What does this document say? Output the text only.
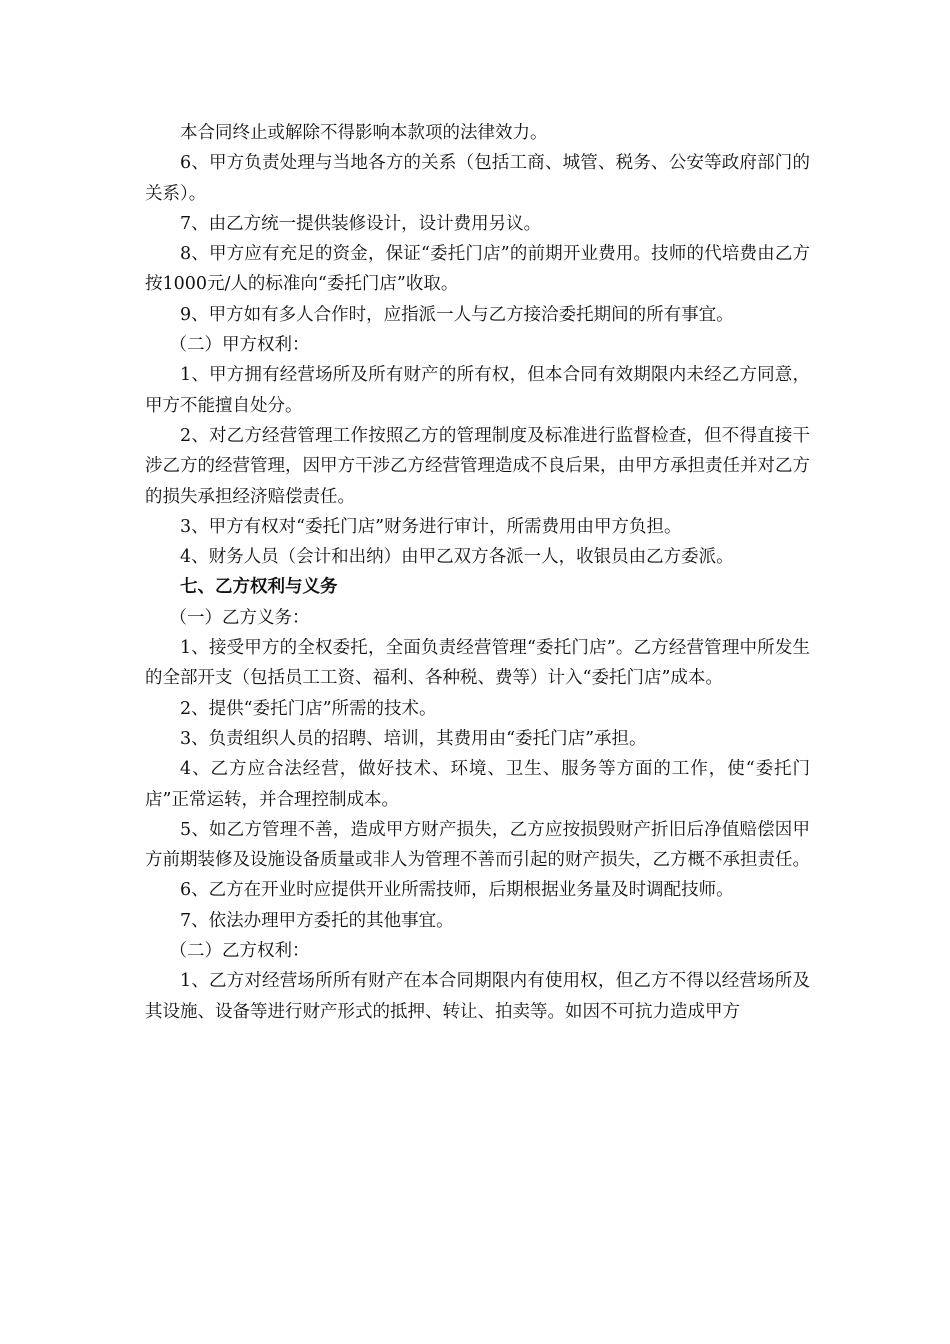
本合同终止或解除不得影响本款项的法律效力。

6、甲方负责处理与当地各方的关系（包括工商、城管、税务、公安等政府部门的关系）。

7、由乙方统一提供装修设计，设计费用另议。

8、甲方应有充足的资金，保证“委托门店”的前期开业费用。技师的代培费由乙方按1000元/人的标准向“委托门店”收取。

9、甲方如有多人合作时，应指派一人与乙方接洽委托期间的所有事宜。

（二）甲方权利：

1、甲方拥有经营场所及所有财产的所有权，但本合同有效期限内未经乙方同意，甲方不能擅自处分。

2、对乙方经营管理工作按照乙方的管理制度及标准进行监督检查，但不得直接干涉乙方的经营管理，因甲方干涉乙方经营管理造成不良后果，由甲方承担责任并对乙方的损失承担经济赔偿责任。

3、甲方有权对“委托门店”财务进行审计，所需费用由甲方负担。

4、财务人员（会计和出纳）由甲乙双方各派一人，收银员由乙方委派。

七、乙方权利与义务

（一）乙方义务：

1、接受甲方的全权委托，全面负责经营管理“委托门店”。乙方经营管理中所发生的全部开支（包括员工工资、福利、各种税、费等）计入“委托门店”成本。

2、提供“委托门店”所需的技术。

3、负责组织人员的招聘、培训，其费用由“委托门店”承担。

4、乙方应合法经营，做好技术、环境、卫生、服务等方面的工作，使“委托门店”正常运转，并合理控制成本。

5、如乙方管理不善，造成甲方财产损失，乙方应按损毁财产折旧后净值赔偿因甲方前期装修及设施设备质量或非人为管理不善而引起的财产损失，乙方概不承担责任。

6、乙方在开业时应提供开业所需技师，后期根据业务量及时调配技师。

7、依法办理甲方委托的其他事宜。

（二）乙方权利：

1、乙方对经营场所所有财产在本合同期限内有使用权，但乙方不得以经营场所及其设施、设备等进行财产形式的抵押、转让、拍卖等。如因不可抗力造成甲方
